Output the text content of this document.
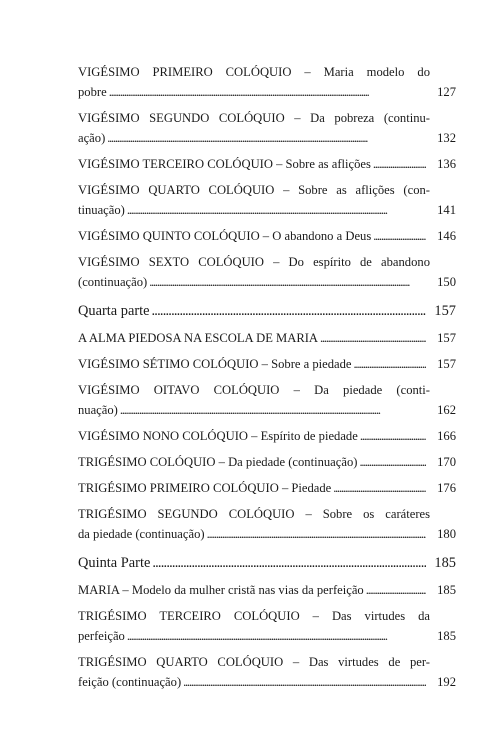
VIGÉSIMO PRIMEIRO COLÓQUIO – Maria modelo do
pobre . . .	127
VIGÉSIMO SEGUNDO COLÓQUIO – Da pobreza (continu-
ação) . . .	132
VIGÉSIMO TERCEIRO COLÓQUIO – Sobre as aflições . . .	136
VIGÉSIMO QUARTO COLÓQUIO – Sobre as aflições (con-
tinuação) . . .	141
VIGÉSIMO QUINTO COLÓQUIO – O abandono a Deus . . .	146
VIGÉSIMO SEXTO COLÓQUIO – Do espírito de abandono
(continuação) . . .	150
Quarta parte . . .	157
A ALMA PIEDOSA NA ESCOLA DE MARIA . . .	157
VIGÉSIMO SÉTIMO COLÓQUIO – Sobre a piedade . . .	157
VIGÉSIMO OITAVO COLÓQUIO – Da piedade (conti-
nuação) . . .	162
VIGÉSIMO NONO COLÓQUIO – Espírito de piedade . . .	166
TRIGÉSIMO COLÓQUIO – Da piedade (continuação) . . .	170
TRIGÉSIMO PRIMEIRO COLÓQUIO – Piedade . . .	176
TRIGÉSIMO SEGUNDO COLÓQUIO – Sobre os caráteres
da piedade (continuação) . . .	180
Quinta Parte . . .	185
MARIA – Modelo da mulher cristã nas vias da perfeição . . .	185
TRIGÉSIMO TERCEIRO COLÓQUIO – Das virtudes da
perfeição . . .	185
TRIGÉSIMO QUARTO COLÓQUIO – Das virtudes de per-
feição (continuação) . . .	192
